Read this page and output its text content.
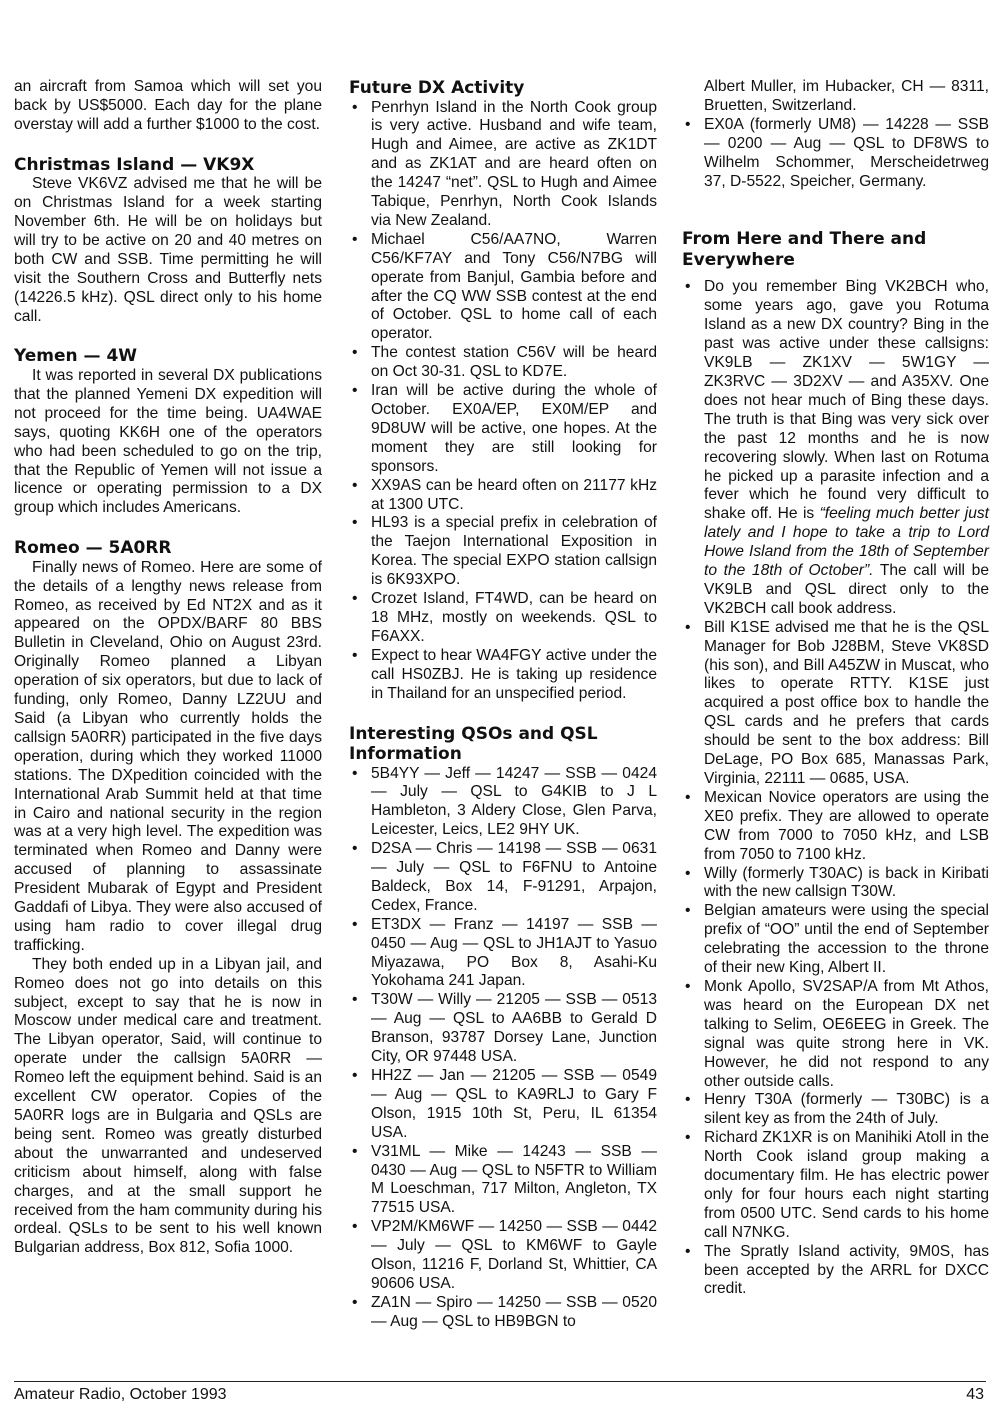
an aircraft from Samoa which will set you back by US$5000. Each day for the plane overstay will add a further $1000 to the cost.

Christmas Island — VK9X

Steve VK6VZ advised me that he will be on Christmas Island for a week starting November 6th. He will be on holidays but will try to be active on 20 and 40 metres on both CW and SSB. Time permitting he will visit the Southern Cross and Butterfly nets (14226.5 kHz). QSL direct only to his home call.

Yemen — 4W

It was reported in several DX publications that the planned Yemeni DX expedition will not proceed for the time being. UA4WAE says, quoting KK6H one of the operators who had been scheduled to go on the trip, that the Republic of Yemen will not issue a licence or operating permission to a DX group which includes Americans.

Romeo — 5A0RR

Finally news of Romeo. Here are some of the details of a lengthy news release from Romeo, as received by Ed NT2X and as it appeared on the OPDX/BARF 80 BBS Bulletin in Cleveland, Ohio on August 23rd. Originally Romeo planned a Libyan operation of six operators, but due to lack of funding, only Romeo, Danny LZ2UU and Said (a Libyan who currently holds the callsign 5A0RR) participated in the five days operation, during which they worked 11000 stations. The DXpedition coincided with the International Arab Summit held at that time in Cairo and national security in the region was at a very high level. The expedition was terminated when Romeo and Danny were accused of planning to assassinate President Mubarak of Egypt and President Gaddafi of Libya. They were also accused of using ham radio to cover illegal drug trafficking.

They both ended up in a Libyan jail, and Romeo does not go into details on this subject, except to say that he is now in Moscow under medical care and treatment. The Libyan operator, Said, will continue to operate under the callsign 5A0RR — Romeo left the equipment behind. Said is an excellent CW operator. Copies of the 5A0RR logs are in Bulgaria and QSLs are being sent. Romeo was greatly disturbed about the unwarranted and undeserved criticism about himself, along with false charges, and at the small support he received from the ham community during his ordeal. QSLs to be sent to his well known Bulgarian address, Box 812, Sofia 1000.

Future DX Activity
• Penrhyn Island in the North Cook group is very active. Husband and wife team, Hugh and Aimee, are active as ZK1DT and as ZK1AT and are heard often on the 14247 “net”. QSL to Hugh and Aimee Tabique, Penrhyn, North Cook Islands via New Zealand.
• Michael C56/AA7NO, Warren C56/KF7AY and Tony C56/N7BG will operate from Banjul, Gambia before and after the CQ WW SSB contest at the end of October. QSL to home call of each operator.
• The contest station C56V will be heard on Oct 30-31. QSL to KD7E.
• Iran will be active during the whole of October. EX0A/EP, EX0M/EP and 9D8UW will be active, one hopes. At the moment they are still looking for sponsors.
• XX9AS can be heard often on 21177 kHz at 1300 UTC.
• HL93 is a special prefix in celebration of the Taejon International Exposition in Korea. The special EXPO station callsign is 6K93XPO.
• Crozet Island, FT4WD, can be heard on 18 MHz, mostly on weekends. QSL to F6AXX.
• Expect to hear WA4FGY active under the call HS0ZBJ. He is taking up residence in Thailand for an unspecified period.
Interesting QSOs and QSL Information
• 5B4YY — Jeff — 14247 — SSB — 0424 — July — QSL to G4KIB to J L Hambleton, 3 Aldery Close, Glen Parva, Leicester, Leics, LE2 9HY UK.
• D2SA — Chris — 14198 — SSB — 0631 — July — QSL to F6FNU to Antoine Baldeck, Box 14, F-91291, Arpajon, Cedex, France.
• ET3DX — Franz — 14197 — SSB — 0450 — Aug — QSL to JH1AJT to Yasuo Miyazawa, PO Box 8, Asahi-Ku Yokohama 241 Japan.
• T30W — Willy — 21205 — SSB — 0513 — Aug — QSL to AA6BB to Gerald D Branson, 93787 Dorsey Lane, Junction City, OR 97448 USA.
• HH2Z — Jan — 21205 — SSB — 0549 — Aug — QSL to KA9RLJ to Gary F Olson, 1915 10th St, Peru, IL 61354 USA.
• V31ML — Mike — 14243 — SSB — 0430 — Aug — QSL to N5FTR to William M Loeschman, 717 Milton, Angleton, TX 77515 USA.
• VP2M/KM6WF — 14250 — SSB — 0442 — July — QSL to KM6WF to Gayle Olson, 11216 F, Dorland St, Whittier, CA 90606 USA.
• ZA1N — Spiro — 14250 — SSB — 0520 — Aug — QSL to HB9BGN to
Albert Muller, im Hubacker, CH — 8311, Bruetten, Switzerland.
• EX0A (formerly UM8) — 14228 — SSB — 0200 — Aug — QSL to DF8WS to Wilhelm Schommer, Merscheidetrweg 37, D-5522, Speicher, Germany.
From Here and There and Everywhere
• Do you remember Bing VK2BCH who, some years ago, gave you Rotuma Island as a new DX country? Bing in the past was active under these callsigns: VK9LB — ZK1XV — 5W1GY — ZK3RVC — 3D2XV — and A35XV. One does not hear much of Bing these days. The truth is that Bing was very sick over the past 12 months and he is now recovering slowly. When last on Rotuma he picked up a parasite infection and a fever which he found very difficult to shake off. He is “feeling much better just lately and I hope to take a trip to Lord Howe Island from the 18th of September to the 18th of October”. The call will be VK9LB and QSL direct only to the VK2BCH call book address.
• Bill K1SE advised me that he is the QSL Manager for Bob J28BM, Steve VK8SD (his son), and Bill A45ZW in Muscat, who likes to operate RTTY. K1SE just acquired a post office box to handle the QSL cards and he prefers that cards should be sent to the box address: Bill DeLage, PO Box 685, Manassas Park, Virginia, 22111 — 0685, USA.
• Mexican Novice operators are using the XE0 prefix. They are allowed to operate CW from 7000 to 7050 kHz, and LSB from 7050 to 7100 kHz.
• Willy (formerly T30AC) is back in Kiribati with the new callsign T30W.
• Belgian amateurs were using the special prefix of “OO” until the end of September celebrating the accession to the throne of their new King, Albert II.
• Monk Apollo, SV2SAP/A from Mt Athos, was heard on the European DX net talking to Selim, OE6EEG in Greek. The signal was quite strong here in VK. However, he did not respond to any other outside calls.
• Henry T30A (formerly — T30BC) is a silent key as from the 24th of July.
• Richard ZK1XR is on Manihiki Atoll in the North Cook island group making a documentary film. He has electric power only for four hours each night starting from 0500 UTC. Send cards to his home call N7NKG.
• The Spratly Island activity, 9M0S, has been accepted by the ARRL for DXCC credit.
Amateur Radio, October 1993	43
